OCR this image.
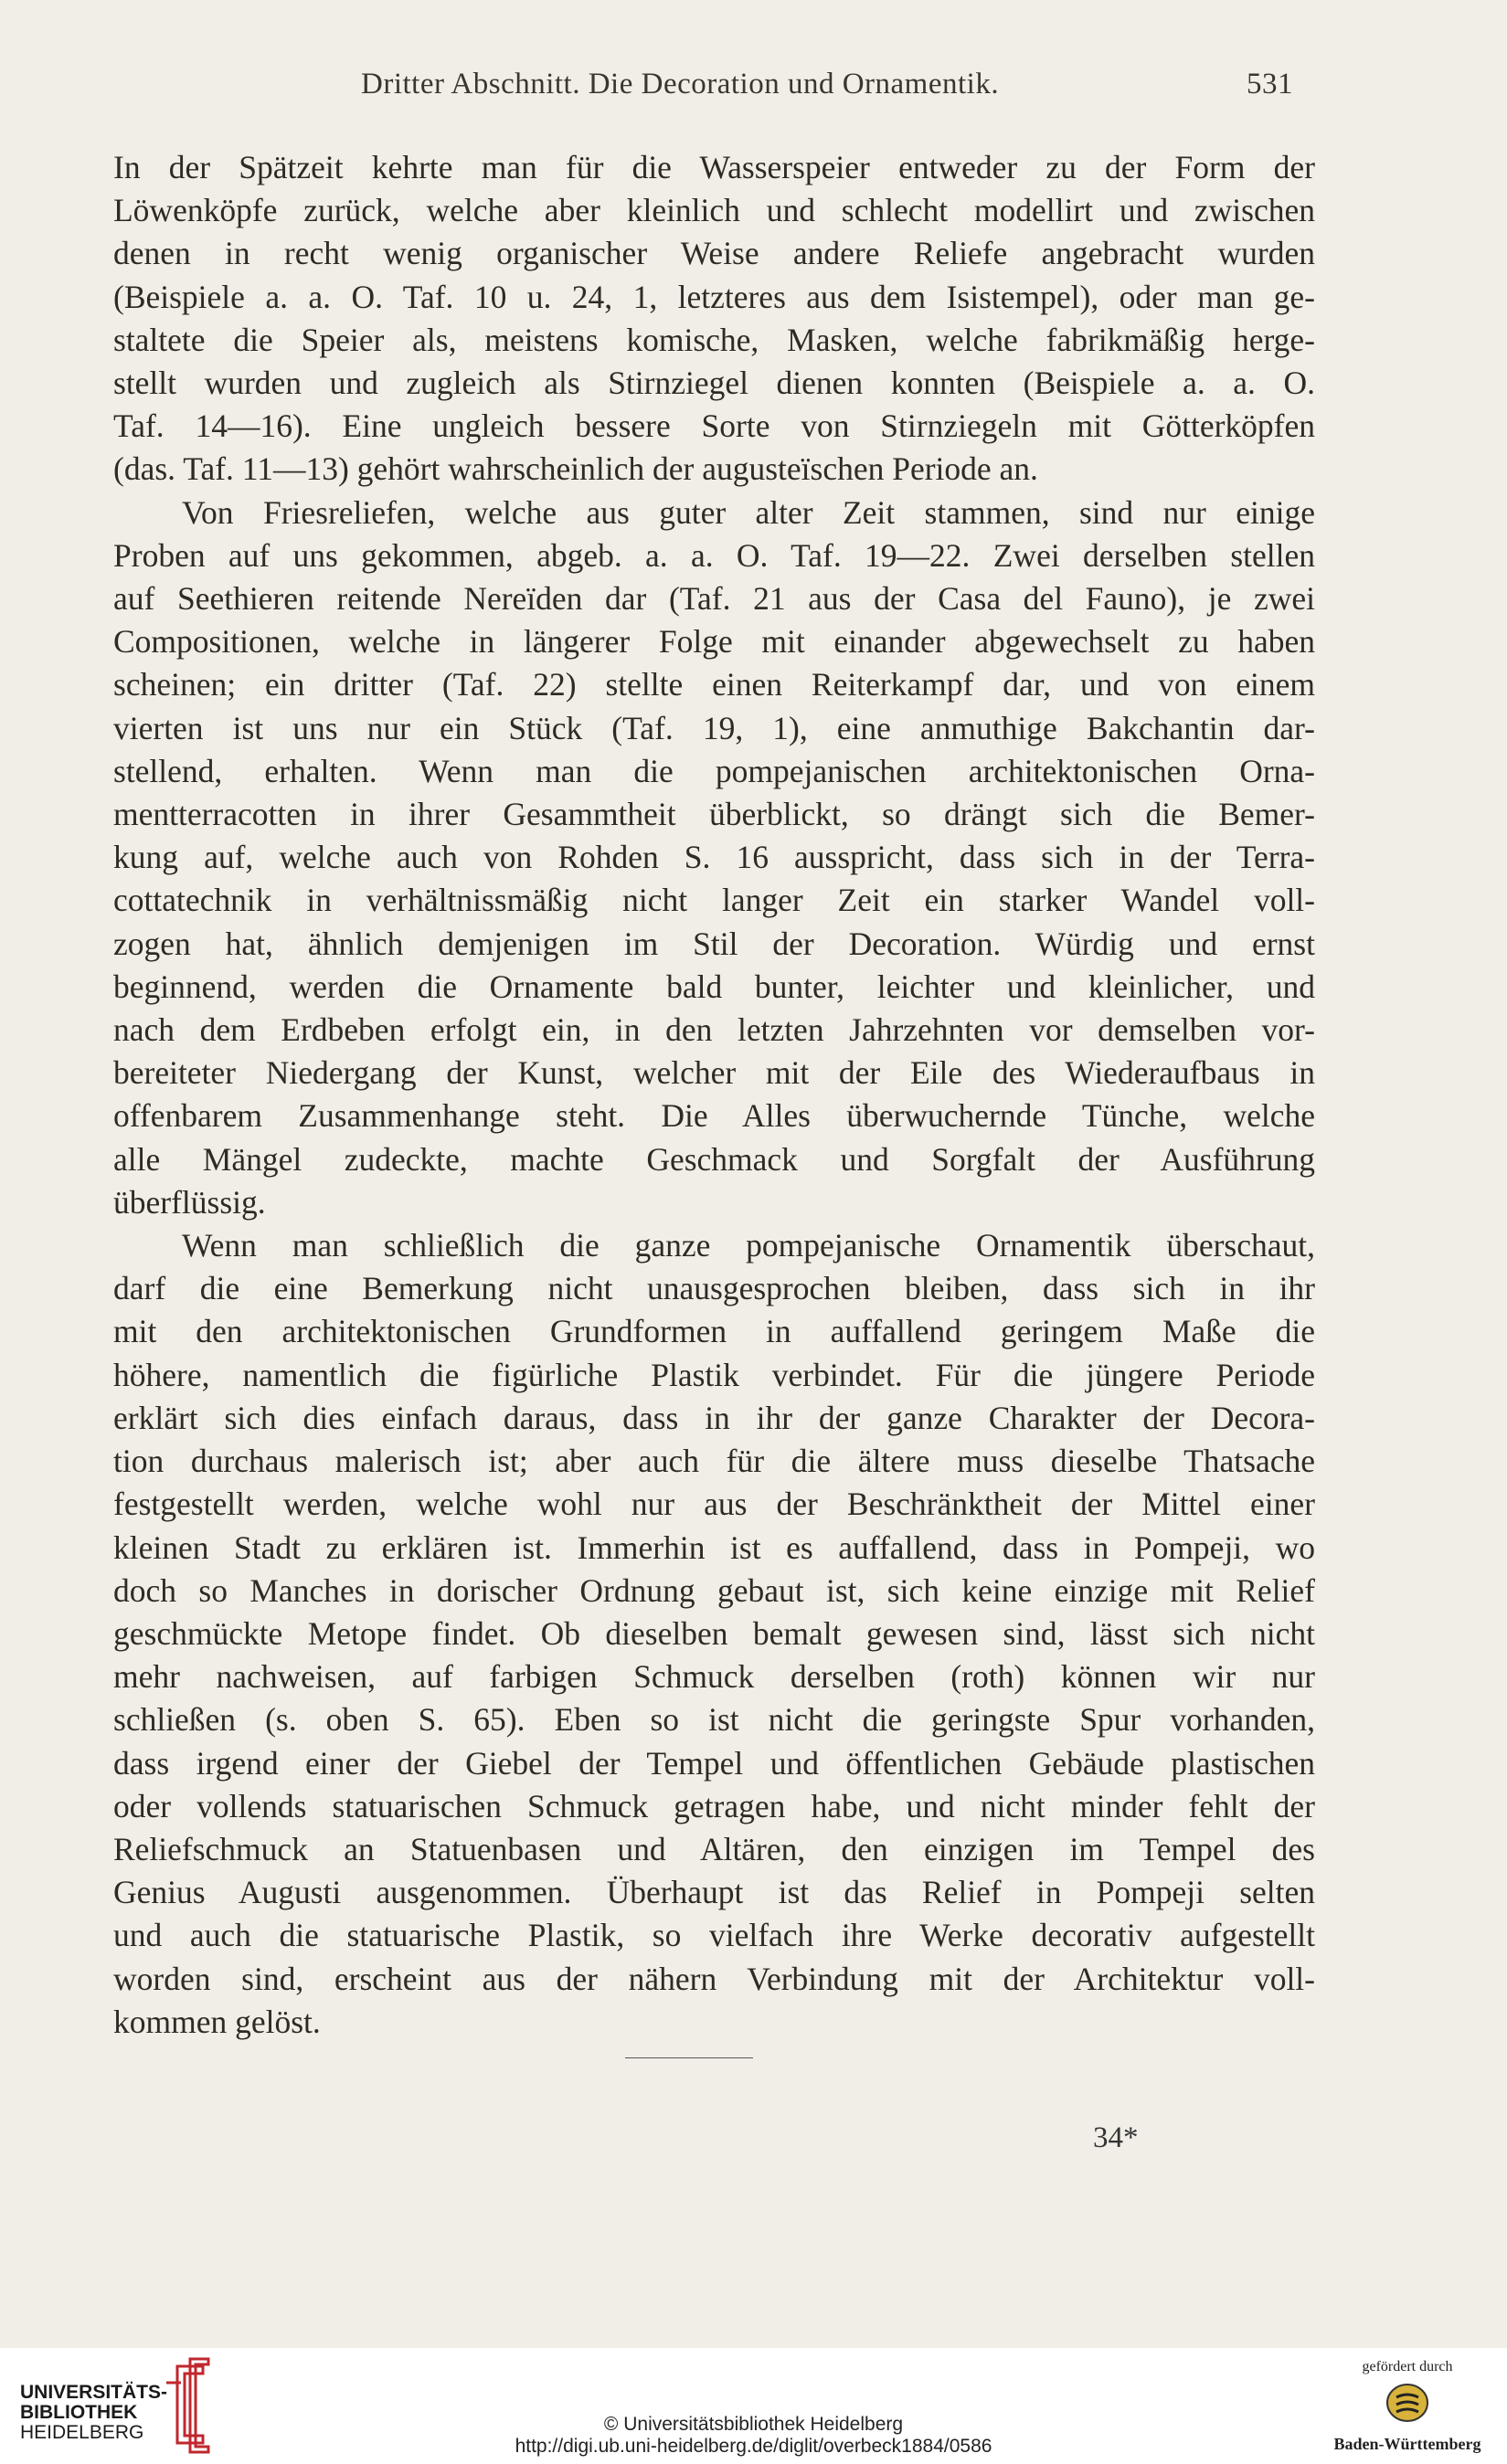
Dritter Abschnitt. Die Decoration und Ornamentik.	531
In der Spätzeit kehrte man für die Wasserspeier entweder zu der Form der
Löwenköpfe zurück, welche aber kleinlich und schlecht modellirt und zwischen
denen in recht wenig organischer Weise andere Reliefe angebracht wurden
(Beispiele a. a. O. Taf. 10 u. 24, 1, letzteres aus dem Isistempel), oder man ge-
staltete die Speier als, meistens komische, Masken, welche fabrikmäßig herge-
stellt wurden und zugleich als Stirnziegel dienen konnten (Beispiele a. a. O.
Taf. 14—16). Eine ungleich bessere Sorte von Stirnziegeln mit Götterköpfen
(das. Taf. 11—13) gehört wahrscheinlich der augusteïschen Periode an.
Von Friesreliefen, welche aus guter alter Zeit stammen, sind nur einige
Proben auf uns gekommen, abgeb. a. a. O. Taf. 19—22. Zwei derselben stellen
auf Seethieren reitende Nereïden dar (Taf. 21 aus der Casa del Fauno), je zwei
Compositionen, welche in längerer Folge mit einander abgewechselt zu haben
scheinen; ein dritter (Taf. 22) stellte einen Reiterkampf dar, und von einem
vierten ist uns nur ein Stück (Taf. 19, 1), eine anmuthige Bakchantin dar-
stellend, erhalten. Wenn man die pompejanischen architektonischen Orna-
mentterracotten in ihrer Gesammtheit überblickt, so drängt sich die Bemer-
kung auf, welche auch von Rohden S. 16 ausspricht, dass sich in der Terra-
cottatechnik in verhältnissmäßig nicht langer Zeit ein starker Wandel voll-
zogen hat, ähnlich demjenigen im Stil der Decoration. Würdig und ernst
beginnend, werden die Ornamente bald bunter, leichter und kleinlicher, und
nach dem Erdbeben erfolgt ein, in den letzten Jahrzehnten vor demselben vor-
bereiteter Niedergang der Kunst, welcher mit der Eile des Wiederaufbaus in
offenbarem Zusammenhange steht. Die Alles überwuchernde Tünche, welche
alle Mängel zudeckte, machte Geschmack und Sorgfalt der Ausführung
überflüssig.
Wenn man schließlich die ganze pompejanische Ornamentik überschaut,
darf die eine Bemerkung nicht unausgesprochen bleiben, dass sich in ihr
mit den architektonischen Grundformen in auffallend geringem Maße die
höhere, namentlich die figürliche Plastik verbindet. Für die jüngere Periode
erklärt sich dies einfach daraus, dass in ihr der ganze Charakter der Decora-
tion durchaus malerisch ist; aber auch für die ältere muss dieselbe Thatsache
festgestellt werden, welche wohl nur aus der Beschränktheit der Mittel einer
kleinen Stadt zu erklären ist. Immerhin ist es auffallend, dass in Pompeji, wo
doch so Manches in dorischer Ordnung gebaut ist, sich keine einzige mit Relief
geschmückte Metope findet. Ob dieselben bemalt gewesen sind, lässt sich nicht
mehr nachweisen, auf farbigen Schmuck derselben (roth) können wir nur
schließen (s. oben S. 65). Eben so ist nicht die geringste Spur vorhanden,
dass irgend einer der Giebel der Tempel und öffentlichen Gebäude plastischen
oder vollends statuarischen Schmuck getragen habe, und nicht minder fehlt der
Reliefschmuck an Statuenbasen und Altären, den einzigen im Tempel des
Genius Augusti ausgenommen. Überhaupt ist das Relief in Pompeji selten
und auch die statuarische Plastik, so vielfach ihre Werke decorativ aufgestellt
worden sind, erscheint aus der nähern Verbindung mit der Architektur voll-
kommen gelöst.
34*
UNIVERSITÄTS-
BIBLIOTHEK
HEIDELBERG	© Universitätsbibliothek Heidelberg
http://digi.ub.uni-heidelberg.de/diglit/overbeck1884/0586
gefördert durch
Baden-Württemberg
